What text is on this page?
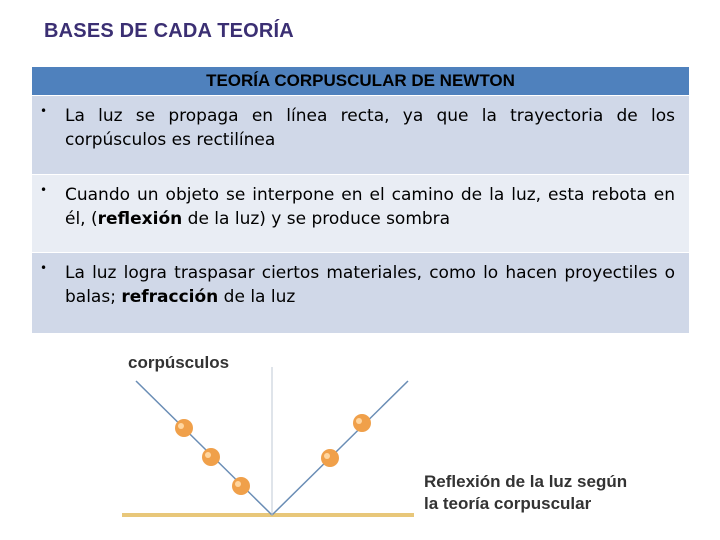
BASES DE CADA TEORÍA
TEORÍA CORPUSCULAR DE NEWTON
• La luz se propaga en línea recta, ya que la trayectoria de los corpúsculos es rectilínea
• Cuando un objeto se interpone en el camino de la luz, esta rebota en él, (reflexión de la luz) y se produce sombra
• La luz logra traspasar ciertos materiales, como lo hacen proyectiles o balas; refracción de la luz
corpúsculos
Reflexión de la luz según
la teoría corpuscular
